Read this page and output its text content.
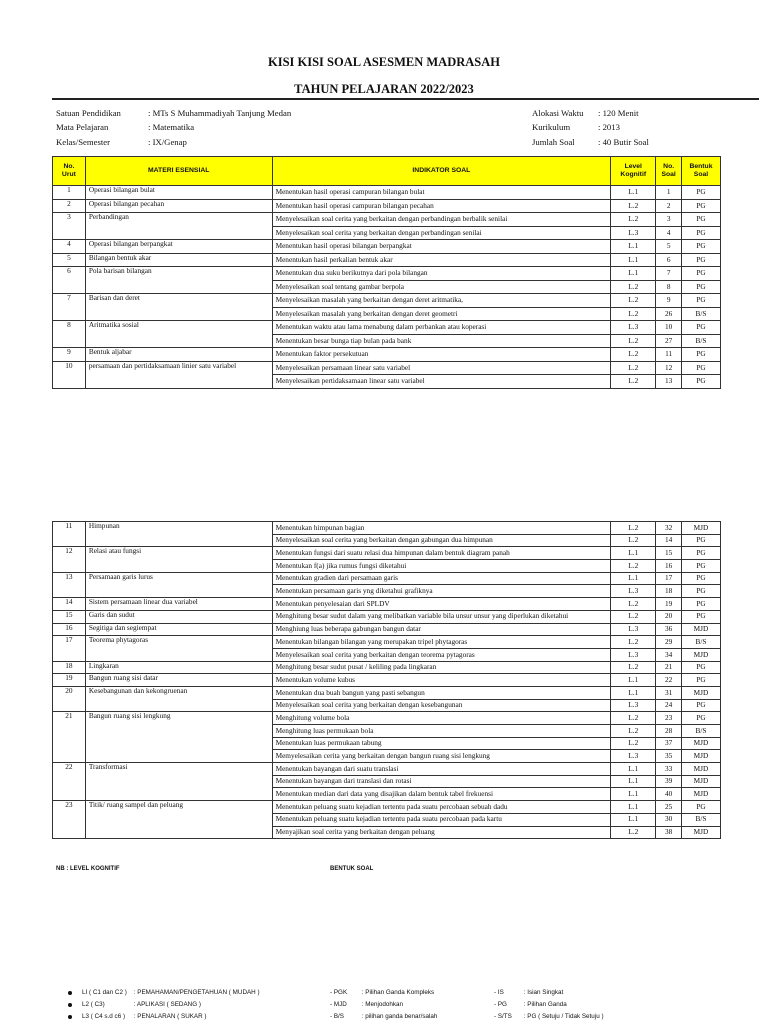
KISI KISI SOAL ASESMEN MADRASAH
TAHUN PELAJARAN 2022/2023
Satuan Pendidikan	: MTs S Muhammadiyah Tanjung Medan
Mata Pelajaran	: Matematika
Kelas/Semester	: IX/Genap
Alokasi Waktu	: 120 Menit
Kurikulum	: 2013
Jumlah Soal	: 40 Butir Soal
No. Urut	MATERI ESENSIAL	INDIKATOR SOAL	Level Kognitif	No. Soal	Bentuk Soal
1	Operasi bilangan bulat	Menentukan hasil operasi campuran bilangan bulat	L.1	1	PG
2	Operasi bilangan pecahan	Menentukan hasil operasi campuran bilangan pecahan	L.2	2	PG
3	Perbandingan	Menyelesaikan soal cerita yang berkaitan dengan perbandingan berbalik senilai	L.2	3	PG
		Menyelesaikan soal cerita yang berkaitan dengan perbandingan senilai	L.3	4	PG
4	Operasi bilangan berpangkat	Menentukan hasil operasi bilangan berpangkat	L.1	5	PG
5	Bilangan bentuk akar	Menentukan hasil perkalian bentuk akar	L.1	6	PG
6	Pola barisan bilangan	Menentukan dua suku berikutnya dari pola bilangan	L.1	7	PG
		Menyelesaikan soal tentang gambar berpola	L.2	8	PG
7	Barisan dan deret	Menyelesaikan masalah yang berkaitan dengan deret aritmatika,	L.2	9	PG
		Menyelesaikan masalah yang berkaitan dengan deret geometri	L.2	26	B/S
8	Aritmatika sosial	Menentukan waktu atau lama menabung dalam perbankan atau koperasi	L.3	10	PG
		Menentukan besar bunga tiap bulan pada bank	L.2	27	B/S
9	Bentuk aljabar	Menentukan faktor persekutuan	L.2	11	PG
10	persamaan dan pertidaksamaan linier satu variabel	Menyelesaikan persamaan linear satu variabel	L.2	12	PG
		Menyelesaikan pertidaksamaan linear satu variabel	L.2	13	PG
11	Himpunan	Menentukan himpunan bagian	L.2	32	MJD
		Menyelesaikan soal cerita yang berkaitan dengan gabungan dua himpunan	L.2	14	PG
12	Relasi atau fungsi	Menentukan fungsi dari suatu relasi dua himpunan dalam bentuk diagram panah	L.1	15	PG
		Menentukan f(a) jika rumus fungsi diketahui	L.2	16	PG
13	Persamaan garis lurus	Menentukan gradien dari persamaan garis	L.1	17	PG
		Menentukan persamaan garis yng diketahui grafiknya	L.3	18	PG
14	Sistem persamaan linear dua variabel	Menentukan penyelesaian dari SPLDV	L.2	19	PG
15	Garis dan sudut	Menghitung besar sudut dalam yang melibatkan variable bila unsur unsur yang diperlukan diketahui	L.2	20	PG
16	Segitiga dan segiempat	Menghiung luas beberapa gabungan bangun datar	L.3	36	MJD
17	Teorema phytagoras	Menentukan bilangan bilangan yang merupakan tripel phytagoras	L.2	29	B/S
		Menyelesaikan soal cerita yang berkaitan dengan teorema pytagoras	L.3	34	MJD
18	Lingkaran	Menghitung besar sudut pusat / keliling pada lingkaran	L.2	21	PG
19	Bangun ruang sisi datar	Menentukan volume kubus	L.1	22	PG
20	Kesebangunan dan kekongruenan	Menentukan dua buah bangun yang pasti sebangun	L.1	31	MJD
		Menyelesaikan soal cerita yang berkaitan dengan kesebangunan	L.3	24	PG
21	Bangun ruang sisi lengkung	Menghitung volume bola	L.2	23	PG
		Menghitung luas permukaan bola	L.2	28	B/S
		Menentukan luas permukaan tabung	L.2	37	MJD
		Memyelesaikan cerita yang berkaitan dengan bangun ruang sisi lengkung	L.3	35	MJD
22	Transformasi	Menentukan bayangan dari suatu translasi	L.1	33	MJD
		Menentukan bayangan dari translasi dan rotasi	L.1	39	MJD
		Menentukan median dari data yang disajikan dalam bentuk tabel frekuensi	L.1	40	MJD
23	Titik/ ruang sampel dan peluang	Menentukan peluang suatu kejadian tertentu pada suatu percobaan sebuah dadu	L.1	25	PG
		Menentukan peluang suatu kejadian tertentu pada suatu percobaan pada kartu	L.1	30	B/S
		Menyajikan soal cerita yang berkaitan dengan peluang	L.2	38	MJD
NB : LEVEL KOGNITIF	BENTUK SOAL
LI ( C1 dan C2 ) : PEMAHAMAN/PENGETAHUAN ( MUDAH )
L2 ( C3)	: APLIKASI ( SEDANG )
L3 ( C4 s.d c6 ) : PENALARAN ( SUKAR )
- PGK : Pilihan Ganda Kompleks
- MJD : Menjodohkan
- B/S	: pilihan ganda benar/salah
- IS	: Isian Singkat
- PG	: Pilihan Ganda
- S/TS : PG ( Setuju / Tidak Setuju )
